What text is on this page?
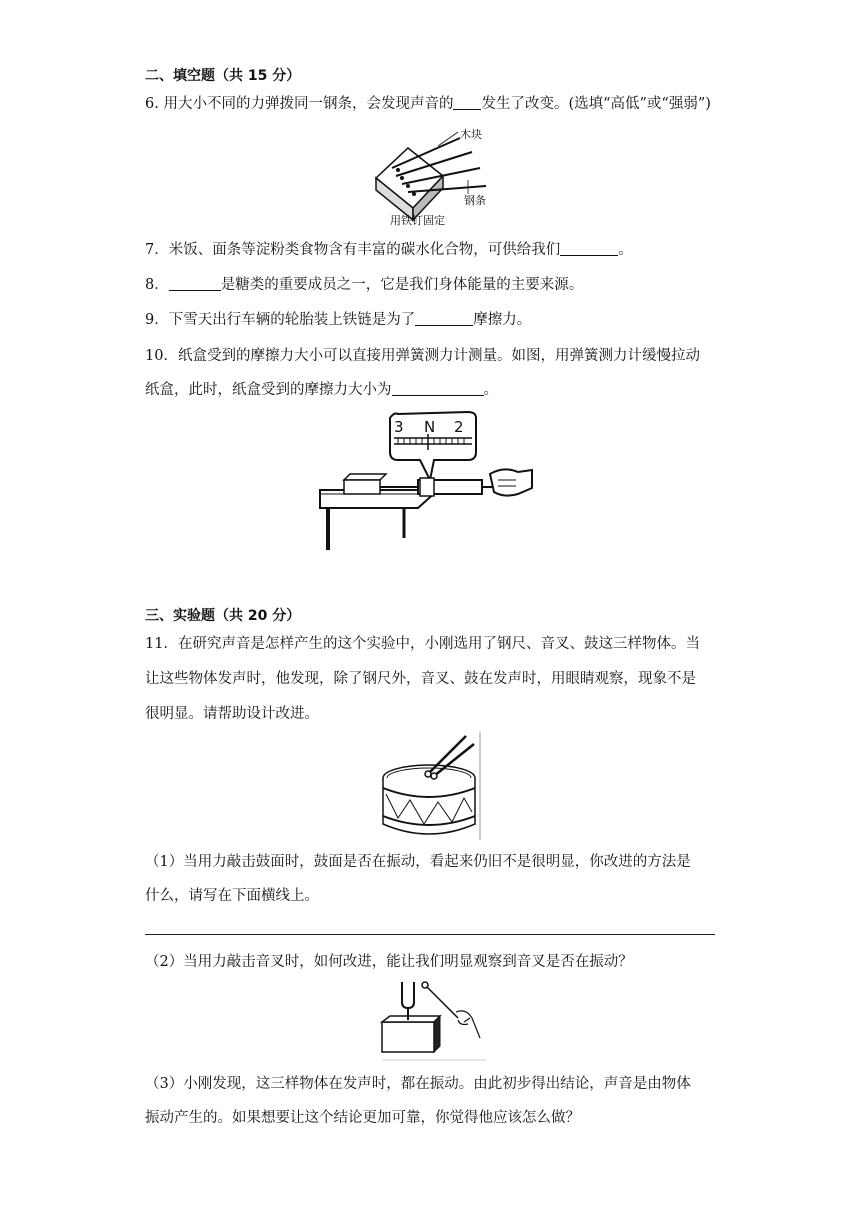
二、填空题（共 15 分）
6. 用大小不同的力弹拨同一钢条，会发现声音的 发生了改变。(选填“高低”或“强弱”)
木块
钢条
用铁钉固定
7．米饭、面条等淀粉类食物含有丰富的碳水化合物，可供给我们	。
8．	是糖类的重要成员之一，它是我们身体能量的主要来源。
9．下雪天出行车辆的轮胎装上铁链是为了	摩擦力。
10．纸盒受到的摩擦力大小可以直接用弹簧测力计测量。如图，用弹簧测力计缓慢拉动
纸盒，此时，纸盒受到的摩擦力大小为	。
3 N 2
三、实验题（共 20 分）
11．在研究声音是怎样产生的这个实验中，小刚选用了钢尺、音叉、鼓这三样物体。当
让这些物体发声时，他发现，除了钢尺外，音叉、鼓在发声时，用眼睛观察，现象不是
很明显。请帮助设计改进。
（1）当用力敲击鼓面时，鼓面是否在振动，看起来仍旧不是很明显，你改进的方法是
什么，请写在下面横线上。
（2）当用力敲击音叉时，如何改进，能让我们明显观察到音叉是否在振动？
（3）小刚发现，这三样物体在发声时，都在振动。由此初步得出结论，声音是由物体
振动产生的。如果想要让这个结论更加可靠，你觉得他应该怎么做？
